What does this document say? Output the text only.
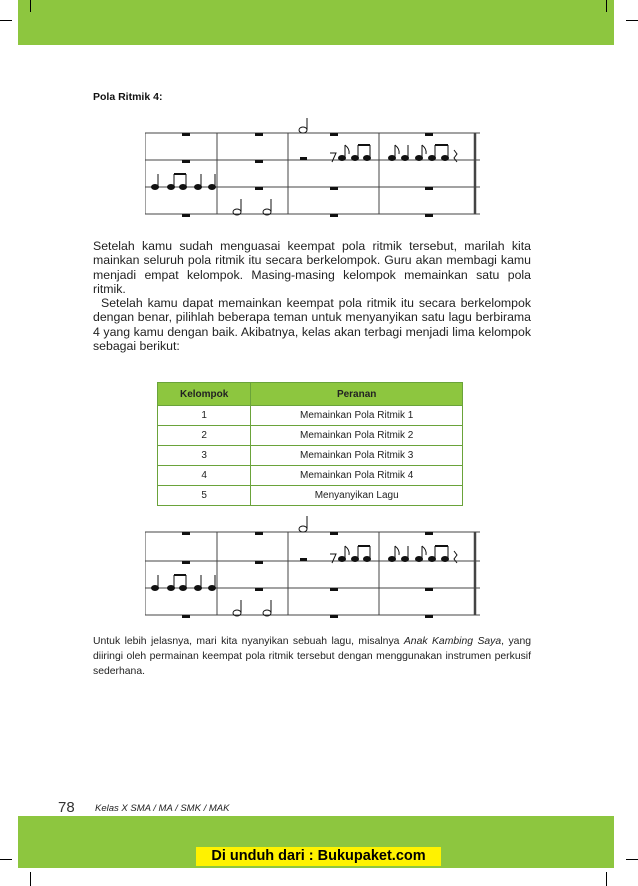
Pola Ritmik 4:

Setelah kamu sudah menguasai keempat pola ritmik tersebut, marilah kita mainkan seluruh pola ritmik itu secara berkelompok. Guru akan membagi kamu menjadi empat kelompok. Masing-masing kelompok memainkan satu pola ritmik.

Setelah kamu dapat memainkan keempat pola ritmik itu secara berkelompok dengan benar, pilihlah beberapa teman untuk menyanyikan satu lagu berbirama 4 yang kamu dengan baik. Akibatnya, kelas akan terbagi menjadi lima kelompok sebagai berikut:

Kelompok	Peranan
1	Memainkan Pola Ritmik 1
2	Memainkan Pola Ritmik 2
3	Memainkan Pola Ritmik 3
4	Memainkan Pola Ritmik 4
5	Menyanyikan Lagu
Untuk lebih jelasnya, mari kita nyanyikan sebuah lagu, misalnya Anak Kambing Saya, yang diiringi oleh permainan keempat pola ritmik tersebut dengan menggunakan instrumen perkusif sederhana.
78 Kelas X SMA / MA / SMK / MAK
Di unduh dari : Bukupaket.com
